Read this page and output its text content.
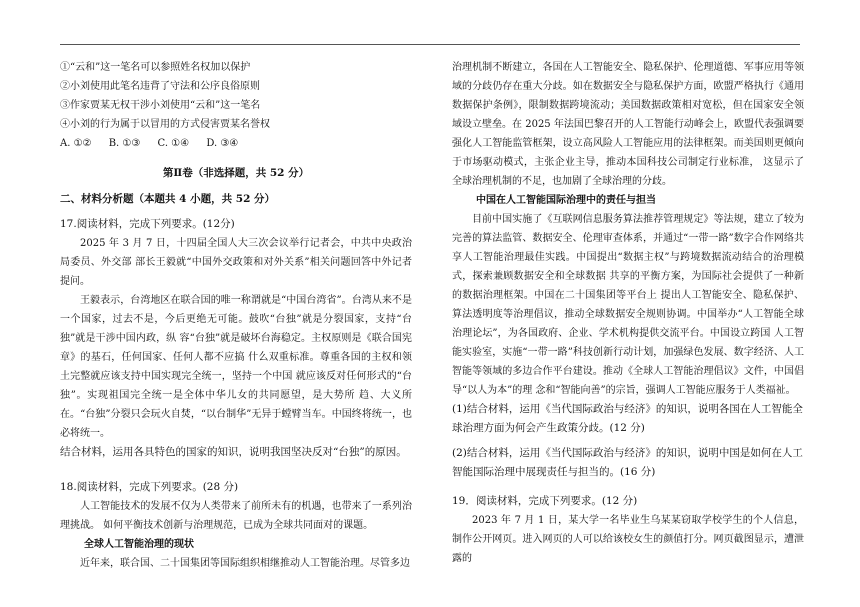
①“云和”这一笔名可以参照姓名权加以保护
②小刘使用此笔名违背了守法和公序良俗原则
③作家贾某无权干涉小刘使用“云和”这一笔名
④小刘的行为属于以冒用的方式侵害贾某名誉权
A. ①② B. ①③ C. ①④ D. ③④
第Ⅱ卷（非选择题，共 52 分）
二、材料分析题（本题共 4 小题，共 52 分）
17.阅读材料，完成下列要求。(12分)

2025 年 3 月 7 日，十四届全国人大三次会议举行记者会，中共中央政治局委员、外交部 部长王毅就“中国外交政策和对外关系”相关问题回答中外记者提问。

王毅表示，台湾地区在联合国的唯一称谓就是“中国台湾省”。台湾从来不是一个国家，过去不是，今后更绝无可能。鼓吹“台独”就是分裂国家，支持“台独”就是干涉中国内政，纵 容“台独”就是破坏台海稳定。主权原则是《联合国宪章》的基石，任何国家、任何人都不应搞 什么双重标准。尊重各国的主权和领土完整就应该支持中国实现完全统一，坚持一个中国 就应该反对任何形式的“台独”。实现祖国完全统一是全体中华儿女的共同愿望，是大势所 趋、大义所在。“台独”分裂只会玩火自焚，“以台制华”无异于螳臂当车。中国终将统一，也 必将统一。

结合材料，运用各具特色的国家的知识，说明我国坚决反对“台独”的原因。

18.阅读材料，完成下列要求。(28 分)

人工智能技术的发展不仅为人类带来了前所未有的机遇，也带来了一系列治理挑战。 如何平衡技术创新与治理规范，已成为全球共同面对的课题。

全球人工智能治理的现状

近年来，联合国、二十国集团等国际组织相继推动人工智能治理。尽管多边

治理机制不断建立，各国在人工智能安全、隐私保护、伦理道德、军事应用等领域的分歧仍存在重大分歧。如在数据安全与隐私保护方面，欧盟严格执行《通用数据保护条例》，限制数据跨境流动；美国数据政策相对宽松，但在国家安全领域设立壁垒。在 2025 年法国巴黎召开的人工智能行动峰会上，欧盟代表强调要强化人工智能监管框架，设立高风险人工智能应用的法律框架。而美国则更倾向于市场驱动模式，主张企业主导，推动本国科技公司制定行业标准， 这显示了全球治理机制的不足，也加剧了全球治理的分歧。

中国在人工智能国际治理中的责任与担当

目前中国实施了《互联网信息服务算法推荐管理规定》等法规，建立了较为完善的算法监管、数据安全、伦理审查体系，并通过“一带一路”数字合作网络共享人工智能治理最佳实践。中国提出“数据主权”与跨境数据流动结合的治理模式，探索兼顾数据安全和全球数据 共享的平衡方案，为国际社会提供了一种新的数据治理框架。中国在二十国集团等平台上 提出人工智能安全、隐私保护、算法透明度等治理倡议，推动全球数据安全规则协调。中国举办“人工智能全球治理论坛”，为各国政府、企业、学术机构提供交流平台。中国设立跨国 人工智能实验室，实施“一带一路”科技创新行动计划，加强绿色发展、数字经济、人工智能等领域的多边合作平台建设。推动《全球人工智能治理倡议》文件，中国倡导“以人为本”的理 念和“智能向善”的宗旨，强调人工智能应服务于人类福祉。

(1)结合材料，运用《当代国际政治与经济》的知识，说明各国在人工智能全球治理方面为何会产生政策分歧。(12 分)

(2)结合材料，运用《当代国际政治与经济》的知识，说明中国是如何在人工智能国际治理中展现责任与担当的。(16 分)

19．阅读材料，完成下列要求。(12 分)

2023 年 7 月 1 日，某大学一名毕业生乌某某窃取学校学生的个人信息，制作公开网页。进入网页的人可以给该校女生的颜值打分。网页截图显示，遭泄露的
